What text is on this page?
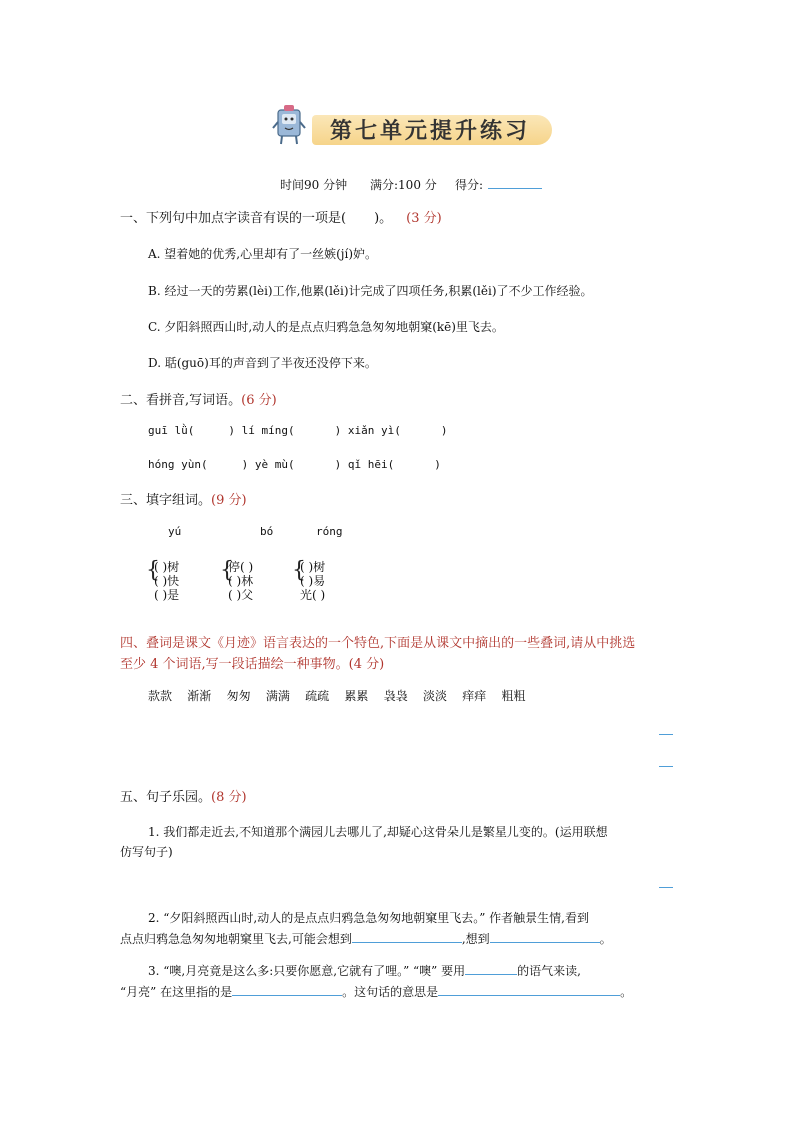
第七单元提升练习
时间90 分钟 满分:100 分 得分:
一、下列句中加点字读音有误的一项是( )。 (3 分)
A. 望着她的优秀,心里却有了一丝嫉(jí)妒。
B. 经过一天的劳累(lèi)工作,他累(lěi)计完成了四项任务,积累(lěi)了不少工作经验。
C. 夕阳斜照西山时,动人的是点点归鸦急急匆匆地朝窠(kē)里飞去。
D. 聒(guō)耳的声音到了半夜还没停下来。
二、看拼音,写词语。(6 分)
guī lǜ(	) lí míng(	) xiǎn yì(	)
hóng yùn(	) yè mù(	) qǐ hēi(	)
三、填字组词。(9 分)
yú	bó	róng
{
( )树
( )快
( )是
{
停( )
( )林
( )父
{
( )树
( )易
光( )
四、叠词是课文《月迹》语言表达的一个特色,下面是从课文中摘出的一些叠词,请从中挑选
至少 4 个词语,写一段话描绘一种事物。(4 分)
款款 渐渐 匆匆 满满 疏疏 累累 袅袅 淡淡 痒痒 粗粗
五、句子乐园。(8 分)
1. 我们都走近去,不知道那个满园儿去哪儿了,却疑心这骨朵儿是繁星儿变的。(运用联想
仿写句子)
2. “夕阳斜照西山时,动人的是点点归鸦急急匆匆地朝窠里飞去。” 作者触景生情,看到
点点归鸦急急匆匆地朝窠里飞去,可能会想到	,想到	。
3. “噢,月亮竟是这么多:只要你愿意,它就有了哩。” “噢” 要用	的语气来读,
“月亮” 在这里指的是	。这句话的意思是	。
